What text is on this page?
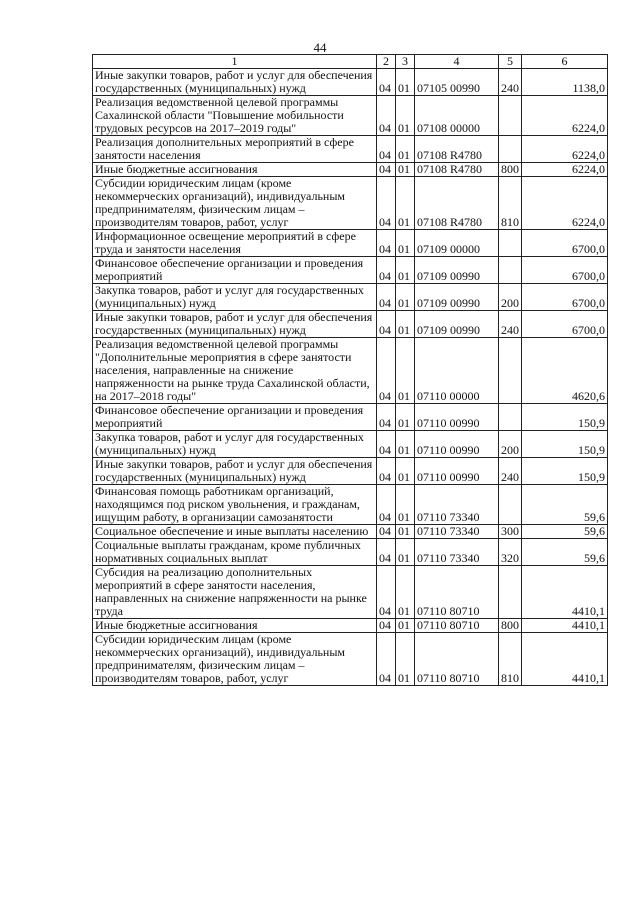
44
1	2	3	4	5	6
Иные закупки товаров, работ и услуг для обеспечения государственных (муниципальных) нужд	04	01	07105 00990	240	1138,0
Реализация ведомственной целевой программы Сахалинской области "Повышение мобильности трудовых ресурсов на 2017–2019 годы"	04	01	07108 00000		6224,0
Реализация дополнительных мероприятий в сфере занятости населения	04	01	07108 R4780		6224,0
Иные бюджетные ассигнования	04	01	07108 R4780	800	6224,0
Субсидии юридическим лицам (кроме некоммерческих организаций), индивидуальным предпринимателям, физическим лицам – производителям товаров, работ, услуг	04	01	07108 R4780	810	6224,0
Информационное освещение мероприятий в сфере труда и занятости населения	04	01	07109 00000		6700,0
Финансовое обеспечение организации и проведения мероприятий	04	01	07109 00990		6700,0
Закупка товаров, работ и услуг для государственных (муниципальных) нужд	04	01	07109 00990	200	6700,0
Иные закупки товаров, работ и услуг для обеспечения государственных (муниципальных) нужд	04	01	07109 00990	240	6700,0
Реализация ведомственной целевой программы "Дополнительные мероприятия в сфере занятости населения, направленные на снижение напряженности на рынке труда Сахалинской области, на 2017–2018 годы"	04	01	07110 00000		4620,6
Финансовое обеспечение организации и проведения мероприятий	04	01	07110 00990		150,9
Закупка товаров, работ и услуг для государственных (муниципальных) нужд	04	01	07110 00990	200	150,9
Иные закупки товаров, работ и услуг для обеспечения государственных (муниципальных) нужд	04	01	07110 00990	240	150,9
Финансовая помощь работникам организаций, находящимся под риском увольнения, и гражданам, ищущим работу, в организации самозанятости	04	01	07110 73340		59,6
Социальное обеспечение и иные выплаты населению	04	01	07110 73340	300	59,6
Социальные выплаты гражданам, кроме публичных нормативных социальных выплат	04	01	07110 73340	320	59,6
Субсидия на реализацию дополнительных мероприятий в сфере занятости населения, направленных на снижение напряженности на рынке труда	04	01	07110 80710		4410,1
Иные бюджетные ассигнования	04	01	07110 80710	800	4410,1
Субсидии юридическим лицам (кроме некоммерческих организаций), индивидуальным предпринимателям, физическим лицам – производителям товаров, работ, услуг	04	01	07110 80710	810	4410,1
